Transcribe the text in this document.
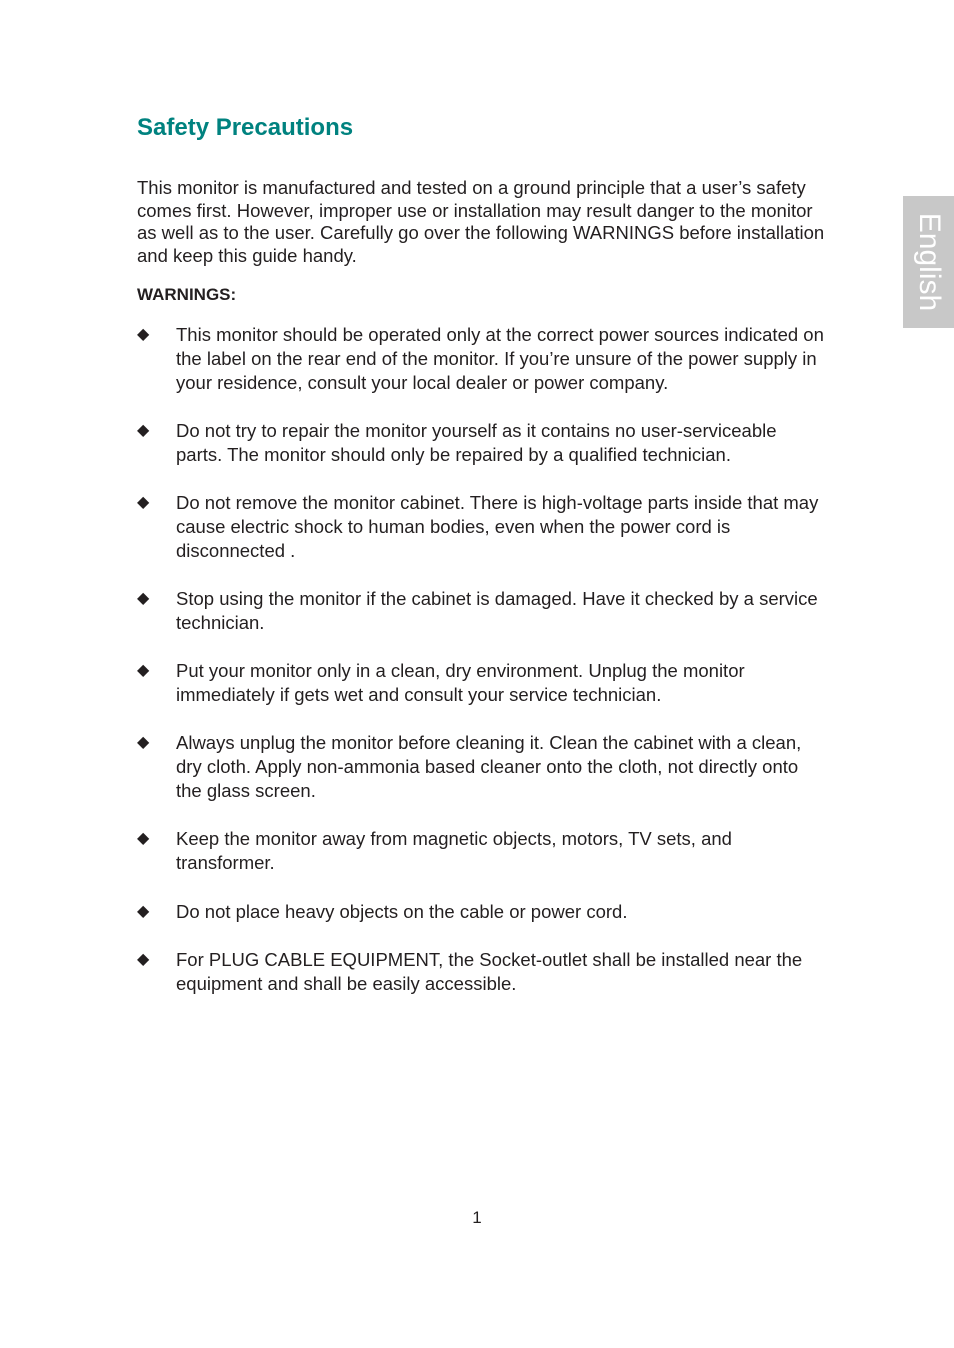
Safety Precautions

This monitor is manufactured and tested on a ground principle that a user’s safety comes first. However, improper use or installation may result danger to the monitor as well as to the user. Carefully go over the following WARNINGS before installation and keep this guide handy.

WARNINGS:
◆ This monitor should be operated only at the correct power sources indicated on the label on the rear end of the monitor. If you’re unsure of the power supply in your residence, consult your local dealer or power company.
◆ Do not try to repair the monitor yourself as it contains no user-serviceable parts. The monitor should only be repaired by a qualified technician.
◆ Do not remove the monitor cabinet. There is high-voltage parts inside that may cause electric shock to human bodies, even when the power cord is disconnected .
◆ Stop using the monitor if the cabinet is damaged. Have it checked by a service technician.
◆ Put your monitor only in a clean, dry environment. Unplug the monitor immediately if gets wet and consult your service technician.
◆ Always unplug the monitor before cleaning it. Clean the cabinet with a clean, dry cloth. Apply non-ammonia based cleaner onto the cloth, not directly onto the glass screen.
◆ Keep the monitor away from magnetic objects, motors, TV sets, and transformer.
◆ Do not place heavy objects on the cable or power cord.
◆ For PLUG CABLE EQUIPMENT, the Socket-outlet shall be installed near the equipment and shall be easily accessible.
English
1
